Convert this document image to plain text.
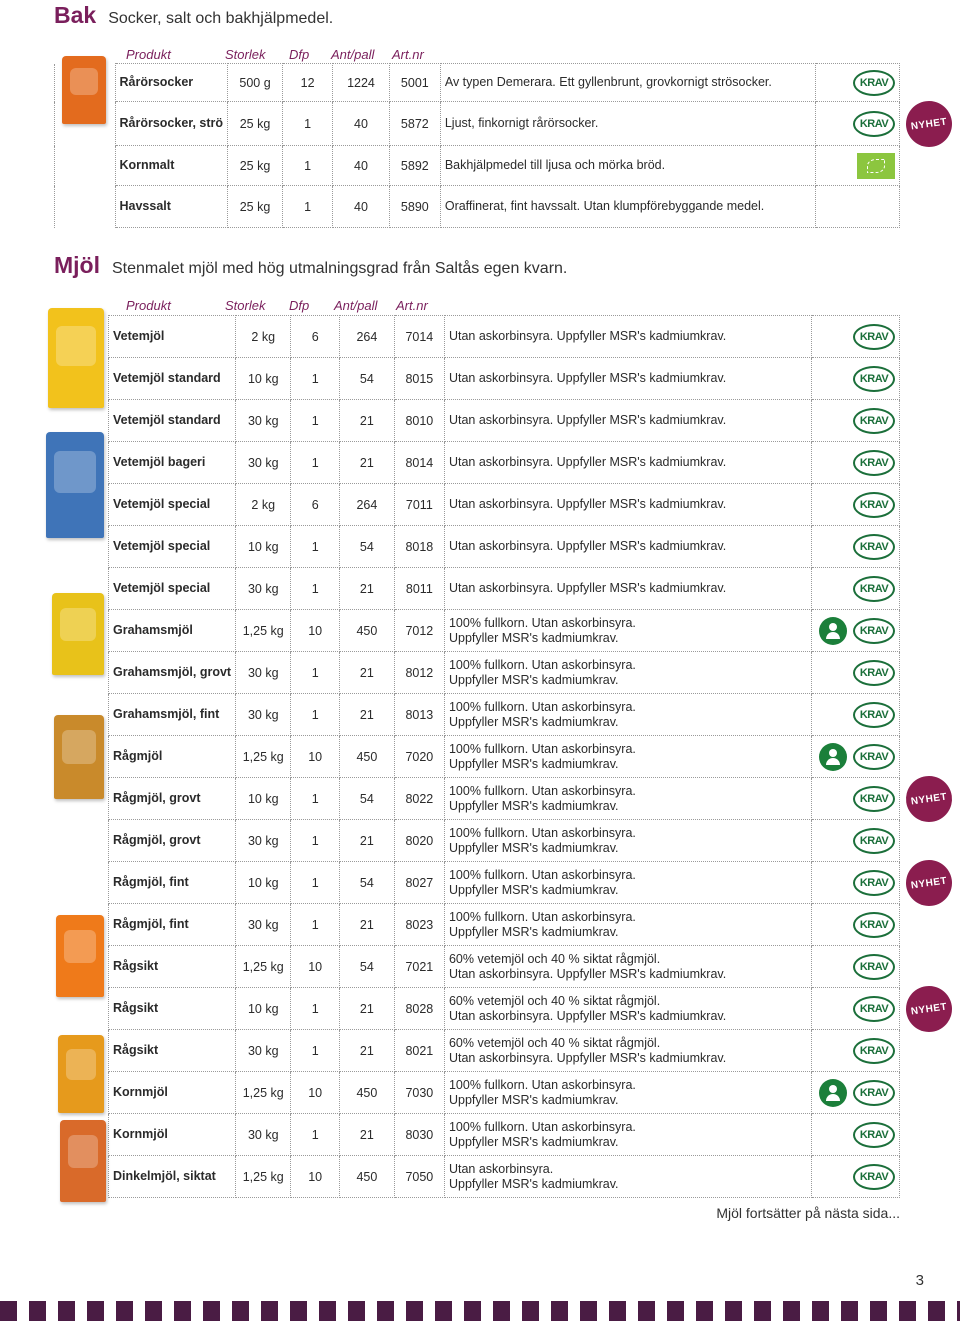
Bak Socker, salt och bakhjälpmedel.
Produkt	Storlek Dfp Ant/pall Art.nr
	Rårörsocker	500 g	12	1224	5001	Av typen Demerara. Ett gyllenbrunt, grovkornigt strösocker.	KRAV
	Rårörsocker, strö	25 kg	1	40	5872	Ljust, finkornigt rårörsocker.	KRAV
	Kornmalt	25 kg	1	40	5892	Bakhjälpmedel till ljusa och mörka bröd.	
	Havssalt	25 kg	1	40	5890	Oraffinerat, fint havssalt. Utan klumpförebyggande medel.	
Mjöl Stenmalet mjöl med hög utmalningsgrad från Saltås egen kvarn.
Produkt	Storlek Dfp Ant/pall Art.nr
Vetemjöl	2 kg	6	264	7014	Utan askorbinsyra. Uppfyller MSR's kadmiumkrav.	KRAV
Vetemjöl standard	10 kg	1	54	8015	Utan askorbinsyra. Uppfyller MSR's kadmiumkrav.	KRAV
Vetemjöl standard	30 kg	1	21	8010	Utan askorbinsyra. Uppfyller MSR's kadmiumkrav.	KRAV
Vetemjöl bageri	30 kg	1	21	8014	Utan askorbinsyra. Uppfyller MSR's kadmiumkrav.	KRAV
Vetemjöl special	2 kg	6	264	7011	Utan askorbinsyra. Uppfyller MSR's kadmiumkrav.	KRAV
Vetemjöl special	10 kg	1	54	8018	Utan askorbinsyra. Uppfyller MSR's kadmiumkrav.	KRAV
Vetemjöl special	30 kg	1	21	8011	Utan askorbinsyra. Uppfyller MSR's kadmiumkrav.	KRAV
Grahamsmjöl	1,25 kg	10	450	7012	100% fullkorn. Utan askorbinsyra.
Uppfyller MSR's kadmiumkrav.	KRAV
Grahamsmjöl, grovt	30 kg	1	21	8012	100% fullkorn. Utan askorbinsyra.
Uppfyller MSR's kadmiumkrav.	KRAV
Grahamsmjöl, fint	30 kg	1	21	8013	100% fullkorn. Utan askorbinsyra.
Uppfyller MSR's kadmiumkrav.	KRAV
Rågmjöl	1,25 kg	10	450	7020	100% fullkorn. Utan askorbinsyra.
Uppfyller MSR's kadmiumkrav.	KRAV
Rågmjöl, grovt	10 kg	1	54	8022	100% fullkorn. Utan askorbinsyra.
Uppfyller MSR's kadmiumkrav.	KRAV
Rågmjöl, grovt	30 kg	1	21	8020	100% fullkorn. Utan askorbinsyra.
Uppfyller MSR's kadmiumkrav.	KRAV
Rågmjöl, fint	10 kg	1	54	8027	100% fullkorn. Utan askorbinsyra.
Uppfyller MSR's kadmiumkrav.	KRAV
Rågmjöl, fint	30 kg	1	21	8023	100% fullkorn. Utan askorbinsyra.
Uppfyller MSR's kadmiumkrav.	KRAV
Rågsikt	1,25 kg	10	54	7021	60% vetemjöl och 40 % siktat rågmjöl.
Utan askorbinsyra. Uppfyller MSR's kadmiumkrav.	KRAV
Rågsikt	10 kg	1	21	8028	60% vetemjöl och 40 % siktat rågmjöl.
Utan askorbinsyra. Uppfyller MSR's kadmiumkrav.	KRAV
Rågsikt	30 kg	1	21	8021	60% vetemjöl och 40 % siktat rågmjöl.
Utan askorbinsyra. Uppfyller MSR's kadmiumkrav.	KRAV
Kornmjöl	1,25 kg	10	450	7030	100% fullkorn. Utan askorbinsyra.
Uppfyller MSR's kadmiumkrav.	KRAV
Kornmjöl	30 kg	1	21	8030	100% fullkorn. Utan askorbinsyra.
Uppfyller MSR's kadmiumkrav.	KRAV
Dinkelmjöl, siktat	1,25 kg	10	450	7050	Utan askorbinsyra.
Uppfyller MSR's kadmiumkrav.	KRAV
NYHET
NYHET
NYHET
NYHET
Mjöl fortsätter på nästa sida...
3
